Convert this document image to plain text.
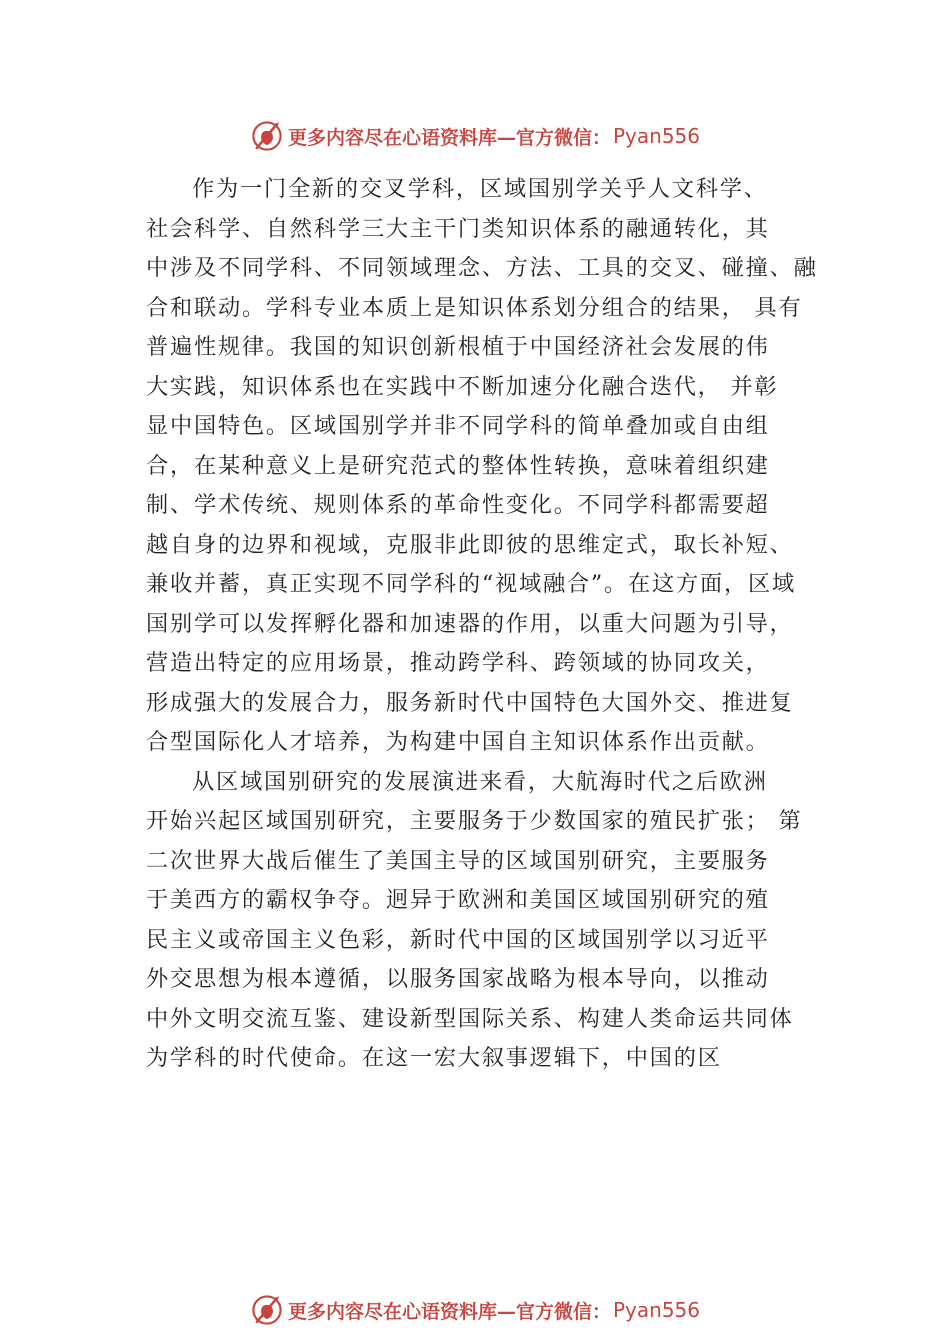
更多内容尽在心语资料库—官方微信： Pyan556
作为一门全新的交叉学科，区域国别学关乎人文科学、
社会科学、自然科学三大主干门类知识体系的融通转化，其
中涉及不同学科、不同领域理念、方法、工具的交叉、碰撞、融
合和联动。学科专业本质上是知识体系划分组合的结果， 具有
普遍性规律。我国的知识创新根植于中国经济社会发展的伟
大实践，知识体系也在实践中不断加速分化融合迭代， 并彰
显中国特色。区域国别学并非不同学科的简单叠加或自由组
合，在某种意义上是研究范式的整体性转换，意味着组织建
制、学术传统、规则体系的革命性变化。不同学科都需要超
越自身的边界和视域，克服非此即彼的思维定式，取长补短、
兼收并蓄，真正实现不同学科的“视域融合”。在这方面，区域
国别学可以发挥孵化器和加速器的作用，以重大问题为引导，
营造出特定的应用场景，推动跨学科、跨领域的协同攻关，
形成强大的发展合力，服务新时代中国特色大国外交、推进复
合型国际化人才培养，为构建中国自主知识体系作出贡献。
从区域国别研究的发展演进来看，大航海时代之后欧洲
开始兴起区域国别研究，主要服务于少数国家的殖民扩张； 第
二次世界大战后催生了美国主导的区域国别研究，主要服务
于美西方的霸权争夺。迥异于欧洲和美国区域国别研究的殖
民主义或帝国主义色彩，新时代中国的区域国别学以习近平
外交思想为根本遵循，以服务国家战略为根本导向，以推动
中外文明交流互鉴、建设新型国际关系、构建人类命运共同体
为学科的时代使命。在这一宏大叙事逻辑下，中国的区
更多内容尽在心语资料库—官方微信： Pyan556
